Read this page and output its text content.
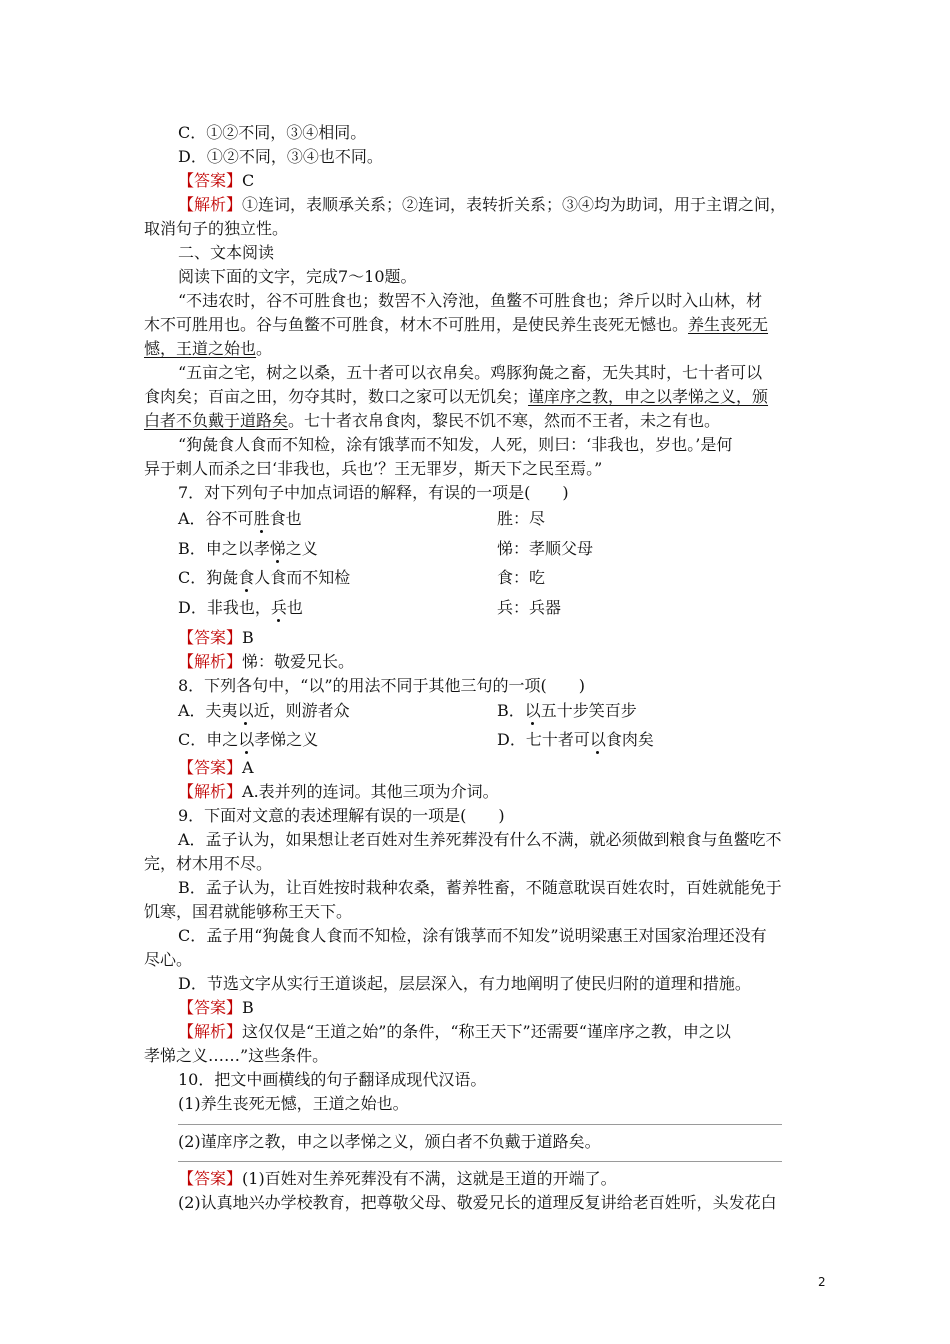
C．①②不同，③④相同。
D．①②不同，③④也不同。
【答案】C
【解析】①连词，表顺承关系；②连词，表转折关系；③④均为助词，用于主谓之间，
取消句子的独立性。
二、文本阅读
阅读下面的文字，完成7～10题。
“不违农时，谷不可胜食也；数罟不入洿池，鱼鳖不可胜食也；斧斤以时入山林，材
木不可胜用也。谷与鱼鳖不可胜食，材木不可胜用，是使民养生丧死无憾也。养生丧死无
憾，王道之始也。
“五亩之宅，树之以桑，五十者可以衣帛矣。鸡豚狗彘之畜，无失其时，七十者可以
食肉矣；百亩之田，勿夺其时，数口之家可以无饥矣；谨庠序之教，申之以孝悌之义，颁
白者不负戴于道路矣。七十者衣帛食肉，黎民不饥不寒，然而不王者，未之有也。
“狗彘食人食而不知检，涂有饿莩而不知发，人死，则曰：‘非我也，岁也。’是何
异于刺人而杀之曰‘非我也，兵也’？王无罪岁，斯天下之民至焉。”
7．对下列句子中加点词语的解释，有误的一项是(　　)
A．谷不可胜食也	胜：尽
B．申之以孝悌之义	悌：孝顺父母
C．狗彘食人食而不知检	食：吃
D．非我也，兵也	兵：兵器
【答案】B
【解析】悌：敬爱兄长。
8．下列各句中，“以”的用法不同于其他三句的一项(　　)
A．夫夷以近，则游者众	B．以五十步笑百步
C．申之以孝悌之义	D．七十者可以食肉矣
【答案】A
【解析】A.表并列的连词。其他三项为介词。
9．下面对文意的表述理解有误的一项是(　　)
A．孟子认为，如果想让老百姓对生养死葬没有什么不满，就必须做到粮食与鱼鳖吃不
完，材木用不尽。
B．孟子认为，让百姓按时栽种农桑，蓄养牲畜，不随意耽误百姓农时，百姓就能免于
饥寒，国君就能够称王天下。
C．孟子用“狗彘食人食而不知检，涂有饿莩而不知发”说明梁惠王对国家治理还没有
尽心。
D．节选文字从实行王道谈起，层层深入，有力地阐明了使民归附的道理和措施。
【答案】B
【解析】这仅仅是“王道之始”的条件，“称王天下”还需要“谨庠序之教，申之以
孝悌之义……”这些条件。
10．把文中画横线的句子翻译成现代汉语。
(1)养生丧死无憾，王道之始也。
(2)谨庠序之教，申之以孝悌之义，颁白者不负戴于道路矣。
【答案】(1)百姓对生养死葬没有不满，这就是王道的开端了。
(2)认真地兴办学校教育，把尊敬父母、敬爱兄长的道理反复讲给老百姓听，头发花白
2
